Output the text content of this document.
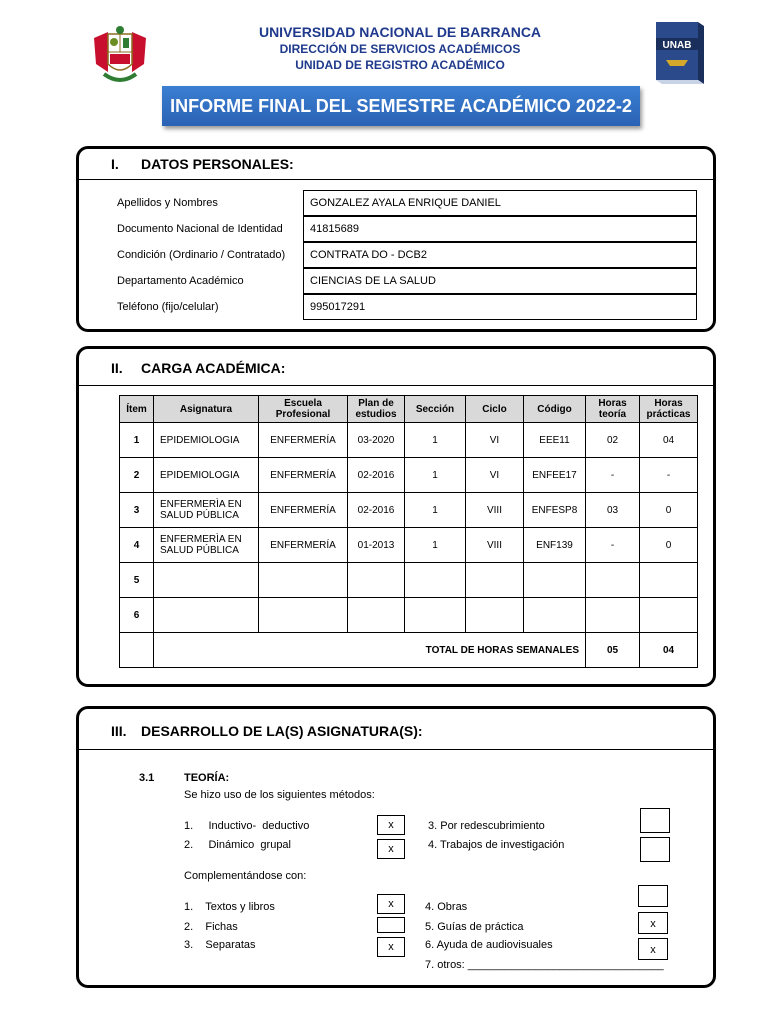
UNIVERSIDAD NACIONAL DE BARRANCA
DIRECCIÓN DE SERVICIOS ACADÉMICOS
UNIDAD DE REGISTRO ACADÉMICO
UNAB
INFORME FINAL DEL SEMESTRE ACADÉMICO 2022-2
I. DATOS PERSONALES:
Apellidos y Nombres	GONZALEZ AYALA ENRIQUE DANIEL
Documento Nacional de Identidad	41815689
Condición (Ordinario / Contratado)	CONTRATA DO - DCB2
Departamento Académico	CIENCIAS DE LA SALUD
Teléfono (fijo/celular)	995017291
II. CARGA ACADÉMICA:
Ítem	Asignatura	Escuela Profesional	Plan de estudios	Sección	Ciclo	Código	Horas teoría	Horas prácticas
1	EPIDEMIOLOGIA	ENFERMERÍA	03-2020	1	VI	EEE11	02	04
2	EPIDEMIOLOGIA	ENFERMERÍA	02-2016	1	VI	ENFEE17	-	-
3	ENFERMERÌA EN SALUD PÚBLICA	ENFERMERÍA	02-2016	1	VIII	ENFESP8	03	0
4	ENFERMERÌA EN SALUD PÚBLICA	ENFERMERÍA	01-2013	1	VIII	ENF139	-	0
5								
6								
	TOTAL DE HORAS SEMANALES						05	04
III. DESARROLLO DE LA(S) ASIGNATURA(S):
3.1	TEORÍA:
Se hizo uso de los siguientes métodos:
1.     Inductivo-  deductivo	x
2.     Dinámico  grupal	x
3. Por redescubrimiento
4. Trabajos de investigación
Complementándose con:
1.    Textos y libros	x
2.    Fichas
3.    Separatas	x
4. Obras
5. Guías de práctica	x
6. Ayuda de audiovisuales	x
7. otros: ________________________________
